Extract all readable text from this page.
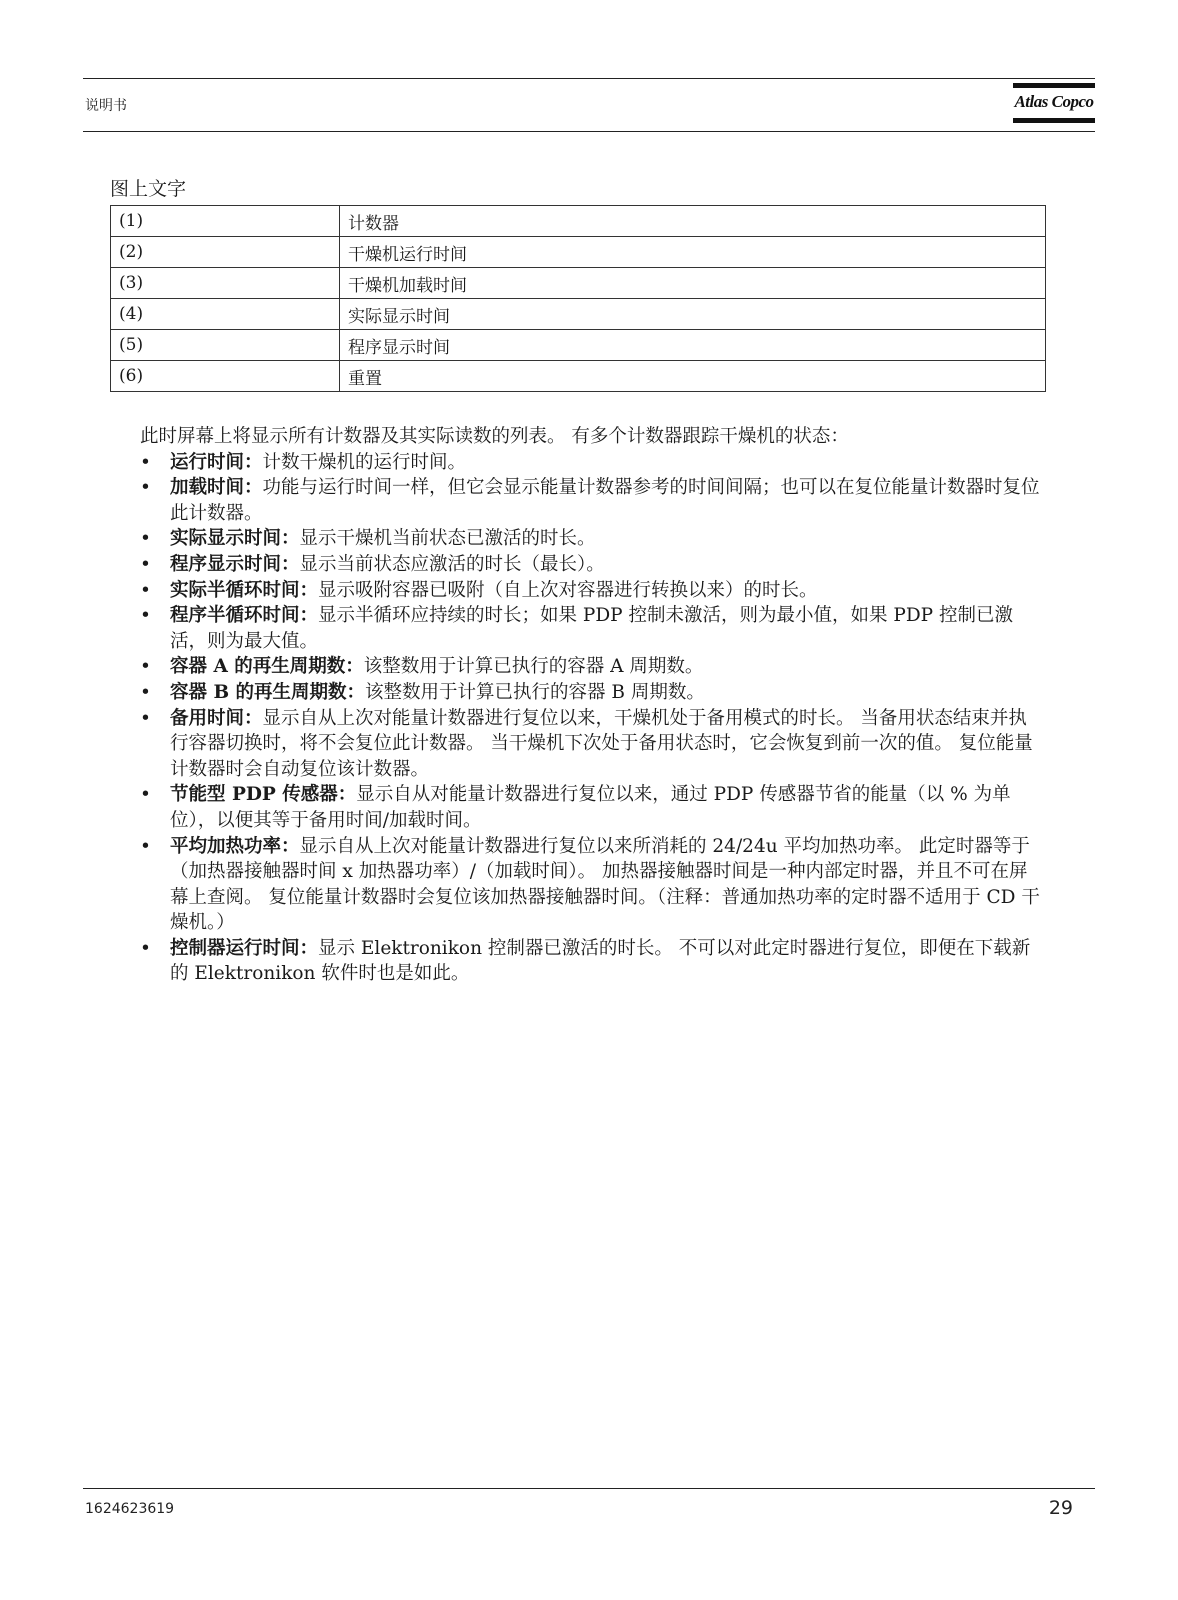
说明书	Atlas Copco
图上文字
(1)	计数器
(2)	干燥机运行时间
(3)	干燥机加载时间
(4)	实际显示时间
(5)	程序显示时间
(6)	重置

此时屏幕上将显示所有计数器及其实际读数的列表。 有多个计数器跟踪干燥机的状态：

• 运行时间：计数干燥机的运行时间。
• 加载时间：功能与运行时间一样，但它会显示能量计数器参考的时间间隔；也可以在复位能量计数器时复位此计数器。
• 实际显示时间：显示干燥机当前状态已激活的时长。
• 程序显示时间：显示当前状态应激活的时长（最长）。
• 实际半循环时间：显示吸附容器已吸附（自上次对容器进行转换以来）的时长。
• 程序半循环时间：显示半循环应持续的时长；如果 PDP 控制未激活，则为最小值，如果 PDP 控制已激活，则为最大值。
• 容器 A 的再生周期数：该整数用于计算已执行的容器 A 周期数。
• 容器 B 的再生周期数：该整数用于计算已执行的容器 B 周期数。
• 备用时间：显示自从上次对能量计数器进行复位以来，干燥机处于备用模式的时长。 当备用状态结束并执行容器切换时，将不会复位此计数器。 当干燥机下次处于备用状态时，它会恢复到前一次的值。 复位能量计数器时会自动复位该计数器。
• 节能型 PDP 传感器：显示自从对能量计数器进行复位以来，通过 PDP 传感器节省的能量（以 % 为单位），以便其等于备用时间/加载时间。
• 平均加热功率：显示自从上次对能量计数器进行复位以来所消耗的 24/24u 平均加热功率。 此定时器等于（加热器接触器时间 x 加热器功率）/（加载时间）。 加热器接触器时间是一种内部定时器，并且不可在屏幕上查阅。 复位能量计数器时会复位该加热器接触器时间。（注释：普通加热功率的定时器不适用于 CD 干燥机。）
• 控制器运行时间：显示 Elektronikon 控制器已激活的时长。 不可以对此定时器进行复位，即便在下载新的 Elektronikon 软件时也是如此。
1624623619	29
